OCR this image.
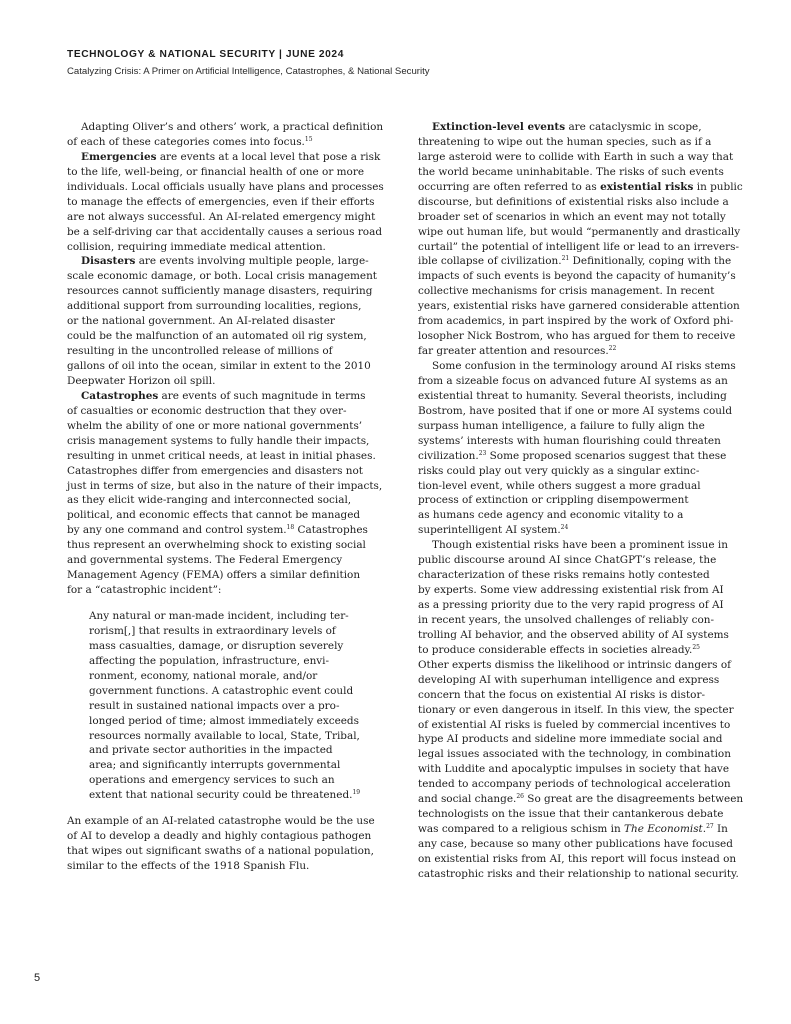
TECHNOLOGY & NATIONAL SECURITY | JUNE 2024
Catalyzing Crisis: A Primer on Artificial Intelligence, Catastrophes, & National Security
Adapting Oliver’s and others’ work, a practical definition
of each of these categories comes into focus.$^{15}$
Emergencies are events at a local level that pose a risk
to the life, well-being, or financial health of one or more
individuals. Local officials usually have plans and processes
to manage the effects of emergencies, even if their efforts
are not always successful. An AI-related emergency might
be a self-driving car that accidentally causes a serious road
collision, requiring immediate medical attention.
Disasters are events involving multiple people, large-
scale economic damage, or both. Local crisis management
resources cannot sufficiently manage disasters, requiring
additional support from surrounding localities, regions,
or the national government. An AI-related disaster
could be the malfunction of an automated oil rig system,
resulting in the uncontrolled release of millions of
gallons of oil into the ocean, similar in extent to the 2010
Deepwater Horizon oil spill.
Catastrophes are events of such magnitude in terms
of casualties or economic destruction that they over-
whelm the ability of one or more national governments’
crisis management systems to fully handle their impacts,
resulting in unmet critical needs, at least in initial phases.
Catastrophes differ from emergencies and disasters not
just in terms of size, but also in the nature of their impacts,
as they elicit wide-ranging and interconnected social,
political, and economic effects that cannot be managed
by any one command and control system.$^{18}$ Catastrophes
thus represent an overwhelming shock to existing social
and governmental systems. The Federal Emergency
Management Agency (FEMA) offers a similar definition
for a “catastrophic incident”:
Any natural or man-made incident, including ter-
rorism[,] that results in extraordinary levels of
mass casualties, damage, or disruption severely
affecting the population, infrastructure, envi-
ronment, economy, national morale, and/or
government functions. A catastrophic event could
result in sustained national impacts over a pro-
longed period of time; almost immediately exceeds
resources normally available to local, State, Tribal,
and private sector authorities in the impacted
area; and significantly interrupts governmental
operations and emergency services to such an
extent that national security could be threatened.$^{19}$
An example of an AI-related catastrophe would be the use
of AI to develop a deadly and highly contagious pathogen
that wipes out significant swaths of a national population,
similar to the effects of the 1918 Spanish Flu.
Extinction-level events are cataclysmic in scope,
threatening to wipe out the human species, such as if a
large asteroid were to collide with Earth in such a way that
the world became uninhabitable. The risks of such events
occurring are often referred to as existential risks in public
discourse, but definitions of existential risks also include a
broader set of scenarios in which an event may not totally
wipe out human life, but would “permanently and drastically
curtail” the potential of intelligent life or lead to an irrevers-
ible collapse of civilization.$^{21}$ Definitionally, coping with the
impacts of such events is beyond the capacity of humanity’s
collective mechanisms for crisis management. In recent
years, existential risks have garnered considerable attention
from academics, in part inspired by the work of Oxford phi-
losopher Nick Bostrom, who has argued for them to receive
far greater attention and resources.$^{22}$
Some confusion in the terminology around AI risks stems
from a sizeable focus on advanced future AI systems as an
existential threat to humanity. Several theorists, including
Bostrom, have posited that if one or more AI systems could
surpass human intelligence, a failure to fully align the
systems’ interests with human flourishing could threaten
civilization.$^{23}$ Some proposed scenarios suggest that these
risks could play out very quickly as a singular extinc-
tion-level event, while others suggest a more gradual
process of extinction or crippling disempowerment
as humans cede agency and economic vitality to a
superintelligent AI system.$^{24}$
Though existential risks have been a prominent issue in
public discourse around AI since ChatGPT’s release, the
characterization of these risks remains hotly contested
by experts. Some view addressing existential risk from AI
as a pressing priority due to the very rapid progress of AI
in recent years, the unsolved challenges of reliably con-
trolling AI behavior, and the observed ability of AI systems
to produce considerable effects in societies already.$^{25}$
Other experts dismiss the likelihood or intrinsic dangers of
developing AI with superhuman intelligence and express
concern that the focus on existential AI risks is distor-
tionary or even dangerous in itself. In this view, the specter
of existential AI risks is fueled by commercial incentives to
hype AI products and sideline more immediate social and
legal issues associated with the technology, in combination
with Luddite and apocalyptic impulses in society that have
tended to accompany periods of technological acceleration
and social change.$^{26}$ So great are the disagreements between
technologists on the issue that their cantankerous debate
was compared to a religious schism in The Economist.$^{27}$ In
any case, because so many other publications have focused
on existential risks from AI, this report will focus instead on
catastrophic risks and their relationship to national security.
5
